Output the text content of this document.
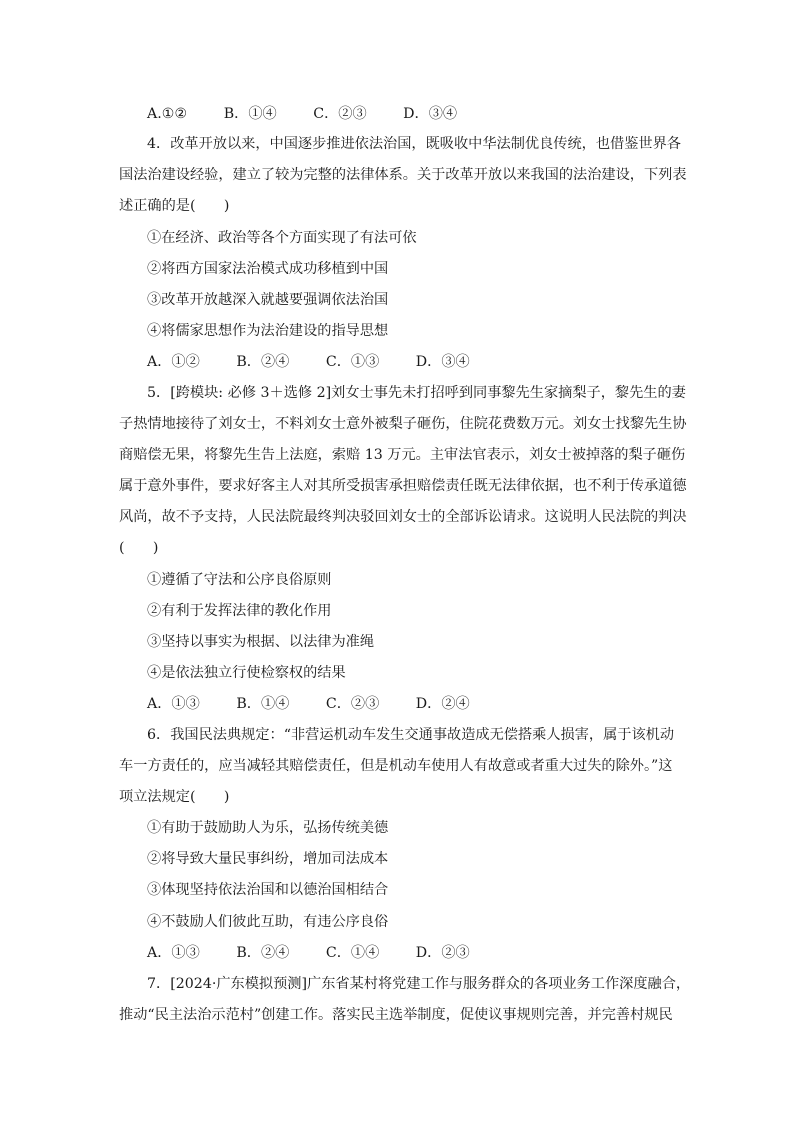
A.①②	B．①④	C．②③	D．③④
4．改革开放以来，中国逐步推进依法治国，既吸收中华法制优良传统，也借鉴世界各
国法治建设经验，建立了较为完整的法律体系。关于改革开放以来我国的法治建设，下列表
述正确的是(　　)
①在经济、政治等各个方面实现了有法可依
②将西方国家法治模式成功移植到中国
③改革开放越深入就越要强调依法治国
④将儒家思想作为法治建设的指导思想
A．①②	B．②④	C．①③	D．③④
5．[跨模块: 必修 3＋选修 2]刘女士事先未打招呼到同事黎先生家摘梨子，黎先生的妻
子热情地接待了刘女士，不料刘女士意外被梨子砸伤，住院花费数万元。刘女士找黎先生协
商赔偿无果，将黎先生告上法庭，索赔 13 万元。主审法官表示，刘女士被掉落的梨子砸伤
属于意外事件，要求好客主人对其所受损害承担赔偿责任既无法律依据，也不利于传承道德
风尚，故不予支持，人民法院最终判决驳回刘女士的全部诉讼请求。这说明人民法院的判决
(　　)
①遵循了守法和公序良俗原则
②有利于发挥法律的教化作用
③坚持以事实为根据、以法律为准绳
④是依法独立行使检察权的结果
A．①③	B．①④	C．②③	D．②④
6．我国民法典规定：“非营运机动车发生交通事故造成无偿搭乘人损害，属于该机动
车一方责任的，应当减轻其赔偿责任，但是机动车使用人有故意或者重大过失的除外。”这
项立法规定(　　)
①有助于鼓励助人为乐，弘扬传统美德
②将导致大量民事纠纷，增加司法成本
③体现坚持依法治国和以德治国相结合
④不鼓励人们彼此互助，有违公序良俗
A．①③	B．②④	C．①④	D．②③
7．[2024·广东模拟预测]广东省某村将党建工作与服务群众的各项业务工作深度融合，
推动“民主法治示范村”创建工作。落实民主选举制度，促使议事规则完善，并完善村规民
